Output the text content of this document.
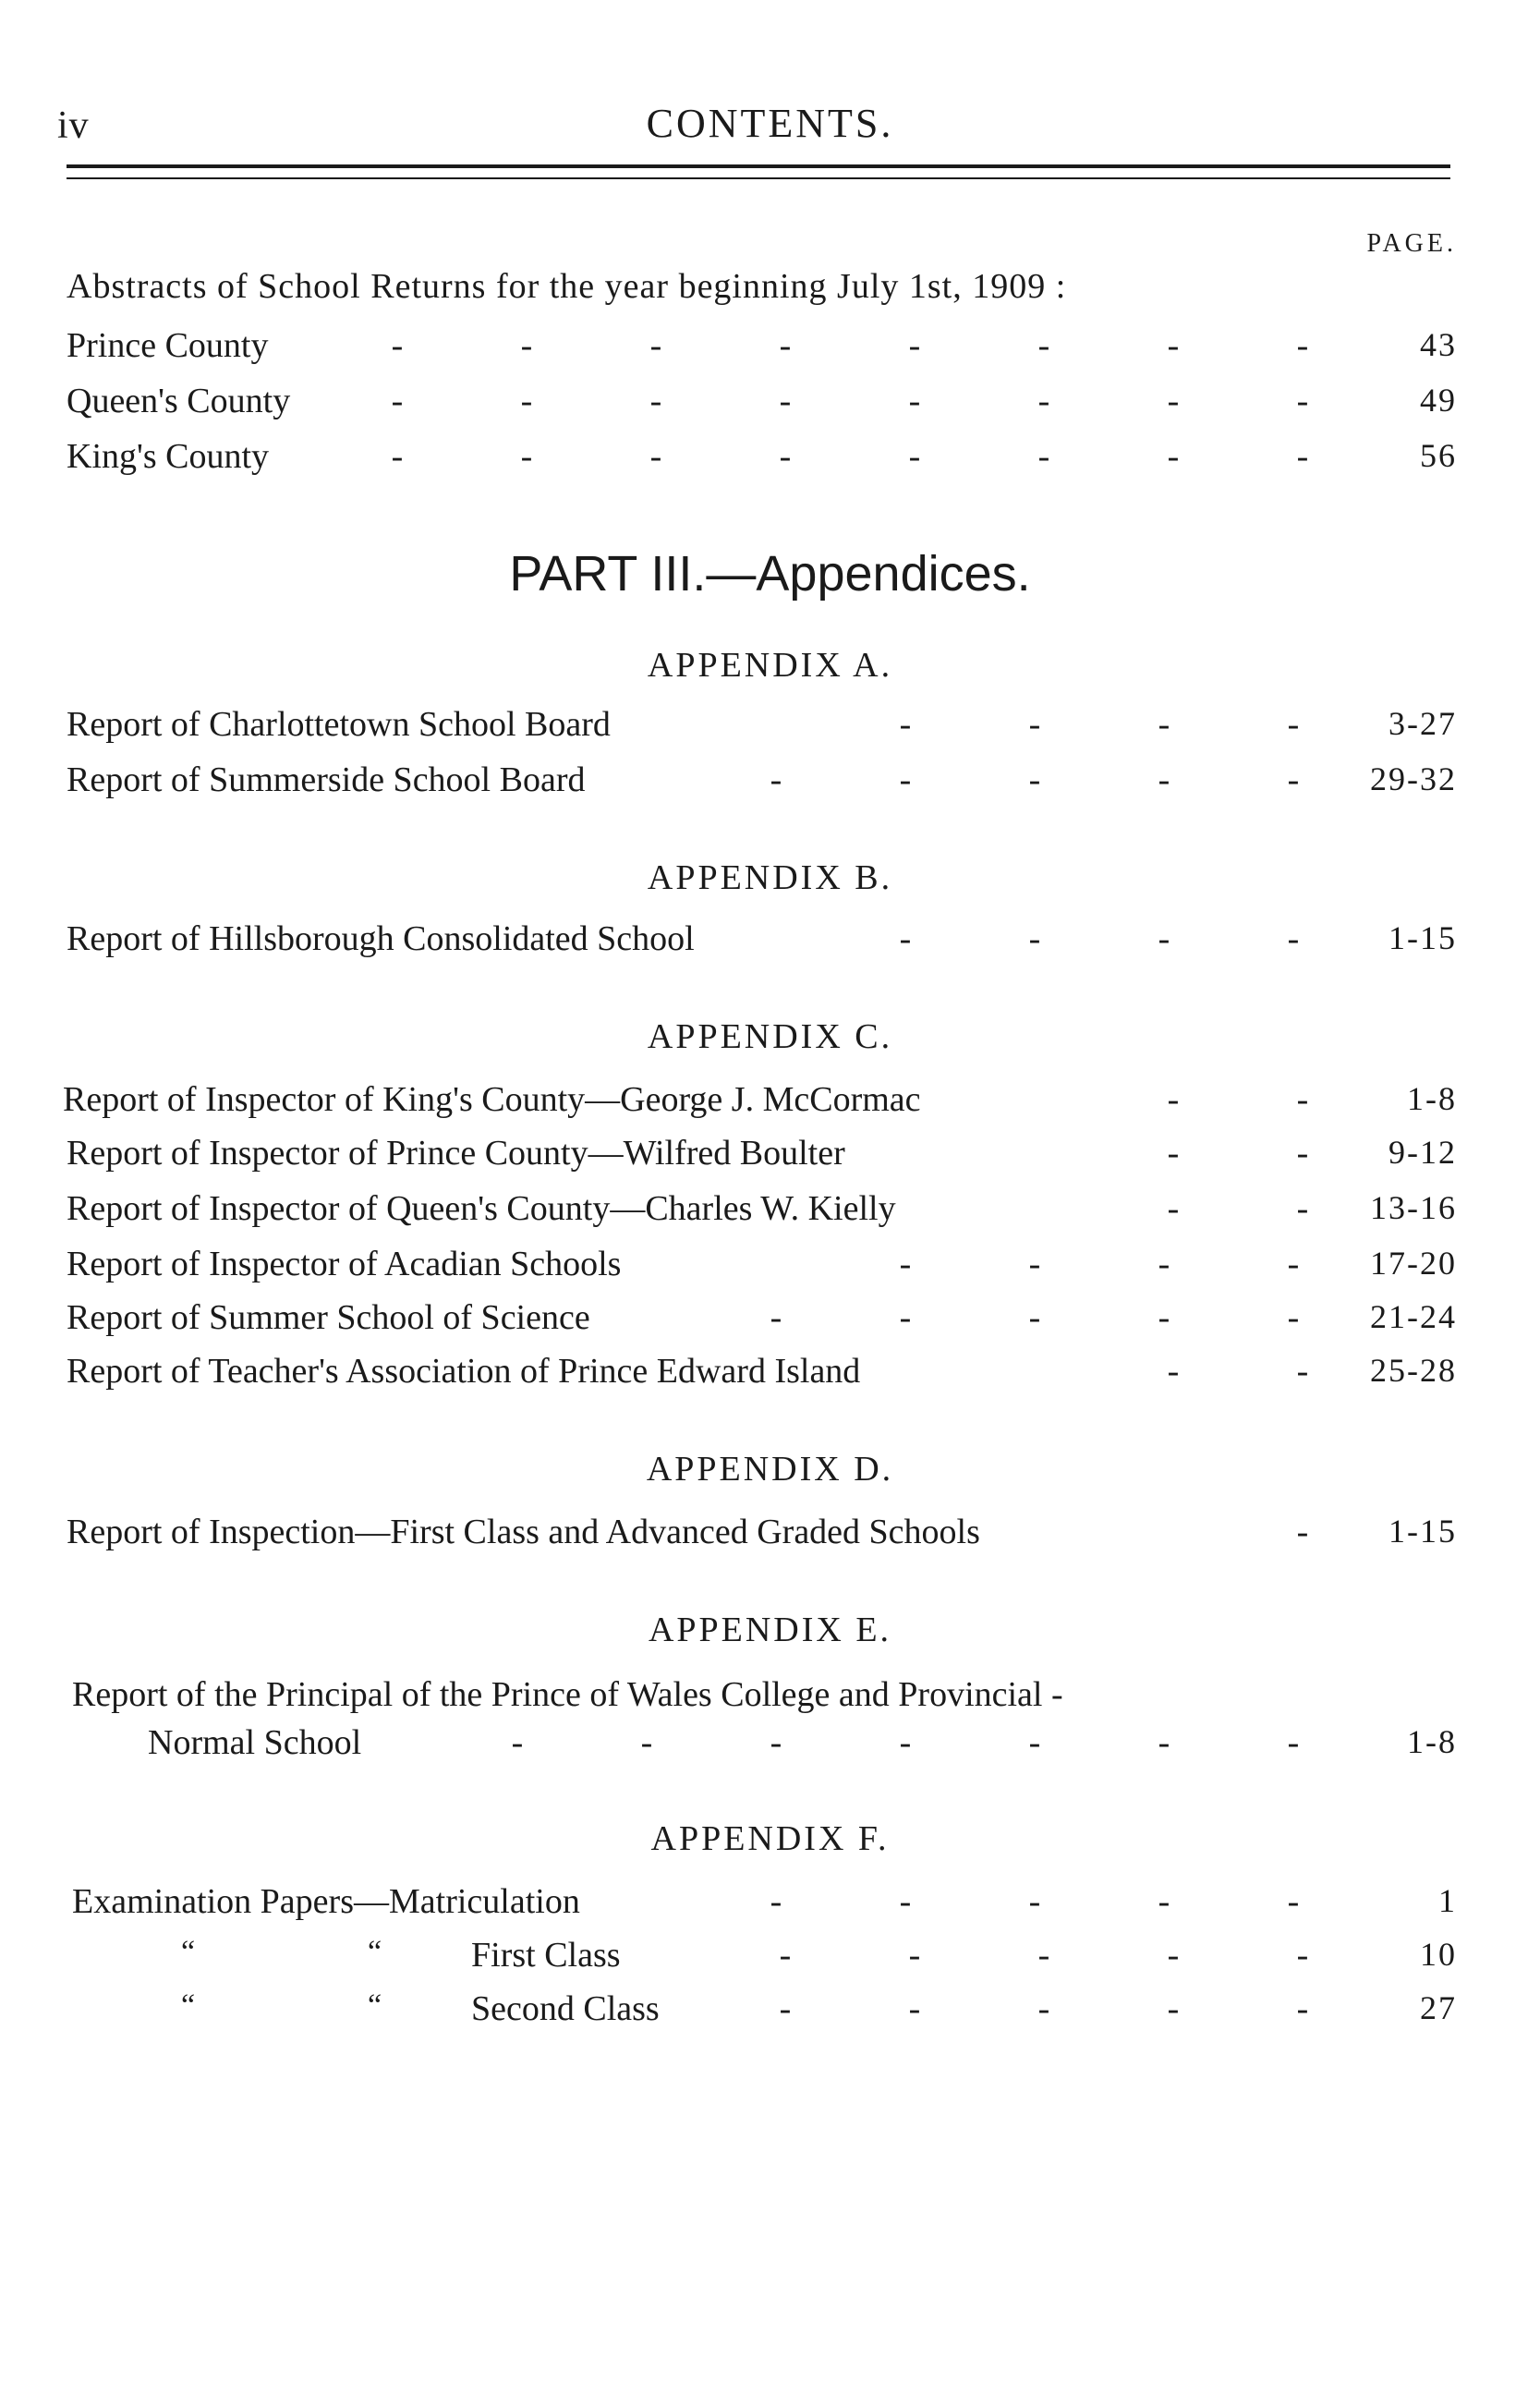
iv	CONTENTS.
PAGE.
Abstracts of School Returns for the year beginning July 1st, 1909 :
Prince County	-	-	-	-	-	-	-	-	43
Queen's County	-	-	-	-	-	-	-	-	49
King's County	-	-	-	-	-	-	-	-	56
PART III.—Appendices.
APPENDIX A.
Report of Charlottetown School Board	-	-	-	-	3-27
Report of Summerside School Board	-	-	-	-	-	29-32
APPENDIX B.
Report of Hillsborough Consolidated School	-	-	-	-	1-15
APPENDIX C.
Report of Inspector of King's County—George J. McCormac	-	-	1-8
Report of Inspector of Prince County—Wilfred Boulter	-	-	9-12
Report of Inspector of Queen's County—Charles W. Kielly	-	-	13-16
Report of Inspector of Acadian Schools	-	-	-	-	17-20
Report of Summer School of Science	-	-	-	-	-	21-24
Report of Teacher's Association of Prince Edward Island	-	-	25-28
APPENDIX D.
Report of Inspection—First Class and Advanced Graded Schools	-	1-15
APPENDIX E.
Report of the Principal of the Prince of Wales College and Provincial -
Normal School	-	-	-	-	-	-	-	1-8
APPENDIX F.
Examination Papers—Matriculation	-	-	-	-	-	1
“	“ First Class	-	-	-	-	-	10
“	“ Second Class	-	-	-	-	-	27
